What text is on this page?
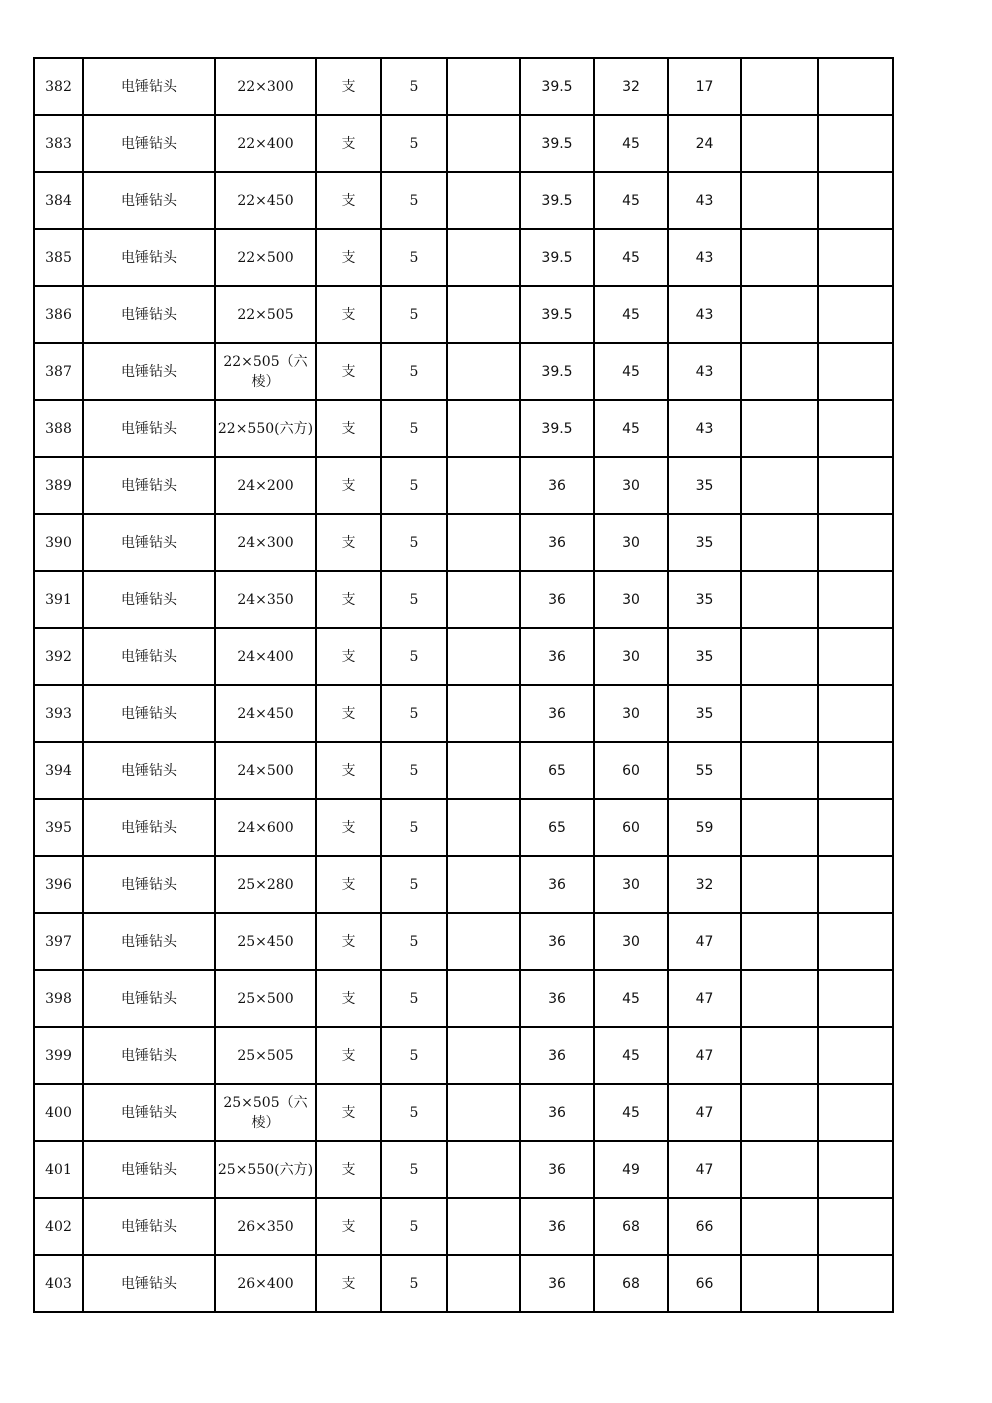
382	电锤钻头	22×300	支	5		39.5	32	17		
383	电锤钻头	22×400	支	5		39.5	45	24		
384	电锤钻头	22×450	支	5		39.5	45	43		
385	电锤钻头	22×500	支	5		39.5	45	43		
386	电锤钻头	22×505	支	5		39.5	45	43		
387	电锤钻头	22×505（六棱）	支	5		39.5	45	43		
388	电锤钻头	22×550(六方)	支	5		39.5	45	43		
389	电锤钻头	24×200	支	5		36	30	35		
390	电锤钻头	24×300	支	5		36	30	35		
391	电锤钻头	24×350	支	5		36	30	35		
392	电锤钻头	24×400	支	5		36	30	35		
393	电锤钻头	24×450	支	5		36	30	35		
394	电锤钻头	24×500	支	5		65	60	55		
395	电锤钻头	24×600	支	5		65	60	59		
396	电锤钻头	25×280	支	5		36	30	32		
397	电锤钻头	25×450	支	5		36	30	47		
398	电锤钻头	25×500	支	5		36	45	47		
399	电锤钻头	25×505	支	5		36	45	47		
400	电锤钻头	25×505（六棱）	支	5		36	45	47		
401	电锤钻头	25×550(六方)	支	5		36	49	47		
402	电锤钻头	26×350	支	5		36	68	66		
403	电锤钻头	26×400	支	5		36	68	66		
